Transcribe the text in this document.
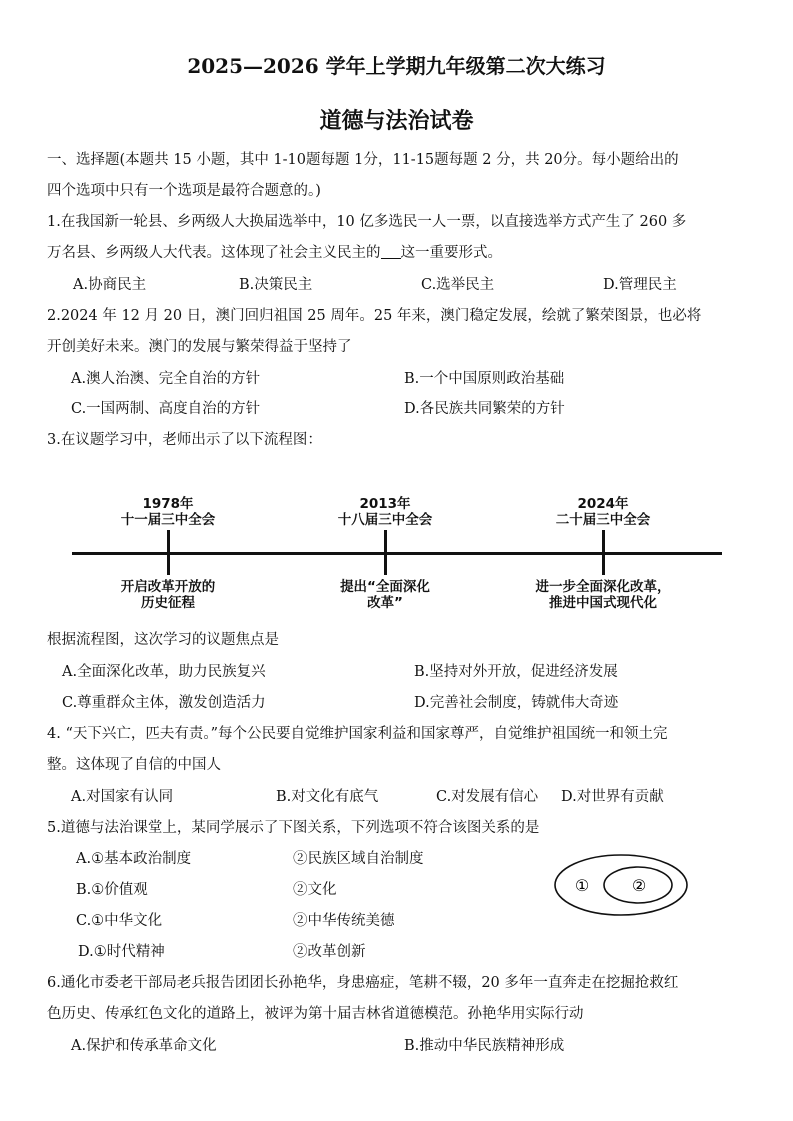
2025—2026 学年上学期九年级第二次大练习
道德与法治试卷
一、选择题(本题共 15 小题，其中 1-10题每题 1分，11-15题每题 2 分，共 20分。每小题给出的
四个选项中只有一个选项是最符合题意的。)
1.在我国新一轮县、乡两级人大换届选举中，10 亿多选民一人一票，以直接选举方式产生了 260 多
万名县、乡两级人大代表。这体现了社会主义民主的 这一重要形式。
A.协商民主	B.决策民主	C.选举民主	D.管理民主
2.2024 年 12 月 20 日，澳门回归祖国 25 周年。25 年来，澳门稳定发展，绘就了繁荣图景，也必将
开创美好未来。澳门的发展与繁荣得益于坚持了
A.澳人治澳、完全自治的方针	B.一个中国原则政治基础
C.一国两制、高度自治的方针	D.各民族共同繁荣的方针
3.在议题学习中，老师出示了以下流程图：
1978年
十一届三中全会
开启改革开放的
历史征程
2013年
十八届三中全会
提出“全面深化
改革”
2024年
二十届三中全会
进一步全面深化改革，
推进中国式现代化
根据流程图，这次学习的议题焦点是
A.全面深化改革，助力民族复兴	B.坚持对外开放，促进经济发展
C.尊重群众主体，激发创造活力	D.完善社会制度，铸就伟大奇迹
4. “天下兴亡，匹夫有责。”每个公民要自觉维护国家利益和国家尊严，自觉维护祖国统一和领土完
整。这体现了自信的中国人
A.对国家有认同	B.对文化有底气	C.对发展有信心 D.对世界有贡献
5.道德与法治课堂上，某同学展示了下图关系，下列选项不符合该图关系的是
A.①基本政治制度	②民族区域自治制度
B.①价值观	②文化
C.①中华文化	②中华传统美德
D.①时代精神	②改革创新
①	②
6.通化市委老干部局老兵报告团团长孙艳华，身患癌症，笔耕不辍，20 多年一直奔走在挖掘抢救红
色历史、传承红色文化的道路上，被评为第十届吉林省道德模范。孙艳华用实际行动
A.保护和传承革命文化	B.推动中华民族精神形成
